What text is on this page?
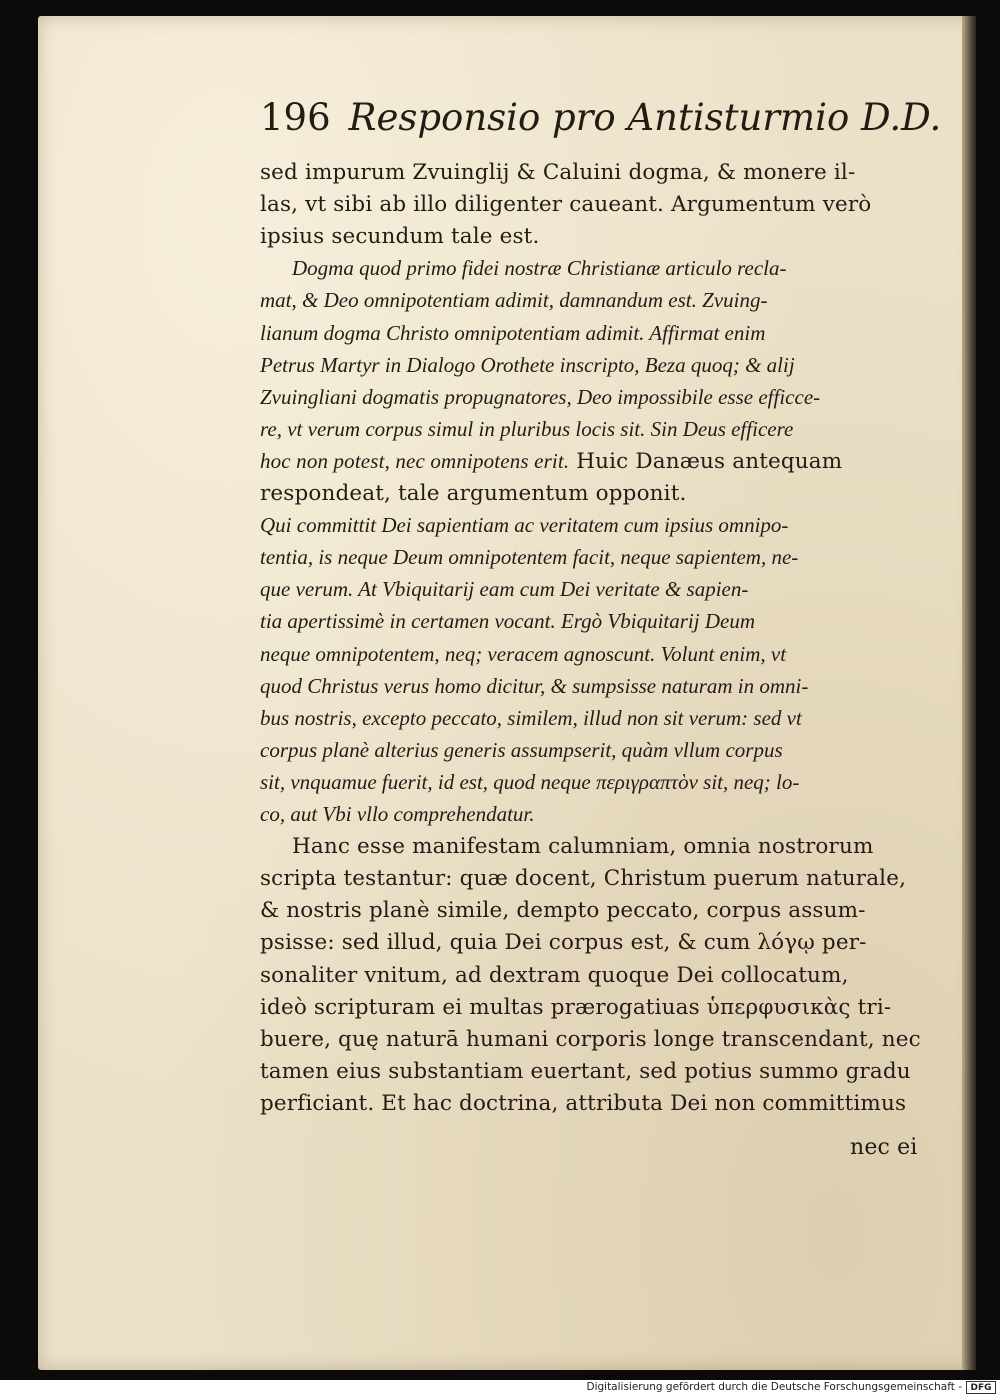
196 Responsio pro Antisturmio D.D.
sed impurum Zvuinglij & Caluini dogma, & monere il-
las, vt sibi ab illo diligenter caueant. Argumentum verò
ipsius secundum tale est.
Dogma quod primo fidei nostræ Christianæ articulo recla-
mat, & Deo omnipotentiam adimit, damnandum est. Zvuing-
lianum dogma Christo omnipotentiam adimit. Affirmat enim
Petrus Martyr in Dialogo Orothete inscripto, Beza quoq; & alij
Zvuingliani dogmatis propugnatores, Deo impossibile esse efficce-
re, vt verum corpus simul in pluribus locis sit. Sin Deus efficere
hoc non potest, nec omnipotens erit. Huic Danæus antequam
respondeat, tale argumentum opponit.
Qui committit Dei sapientiam ac veritatem cum ipsius omnipo-
tentia, is neque Deum omnipotentem facit, neque sapientem, ne-
que verum. At Vbiquitarij eam cum Dei veritate & sapien-
tia apertissimè in certamen vocant. Ergò Vbiquitarij Deum
neque omnipotentem, neq; veracem agnoscunt. Volunt enim, vt
quod Christus verus homo dicitur, & sumpsisse naturam in omni-
bus nostris, excepto peccato, similem, illud non sit verum: sed vt
corpus planè alterius generis assumpserit, quàm vllum corpus
sit, vnquamue fuerit, id est, quod neque περιγραπτὸν sit, neq; lo-
co, aut Vbi vllo comprehendatur.
Hanc esse manifestam calumniam, omnia nostrorum
scripta testantur: quæ docent, Christum puerum naturale,
& nostris planè simile, dempto peccato, corpus assum-
psisse: sed illud, quia Dei corpus est, & cum λόγῳ per-
sonaliter vnitum, ad dextram quoque Dei collocatum,
ideò scripturam ei multas prærogatiuas ὑπερφυσικὰς tri-
buere, quę naturā humani corporis longe transcendant, nec
tamen eius substantiam euertant, sed potius summo gradu
perficiant. Et hac doctrina, attributa Dei non committimus
nec ei
Digitalisierung gefördert durch die Deutsche Forschungsgemeinschaft - DFG
